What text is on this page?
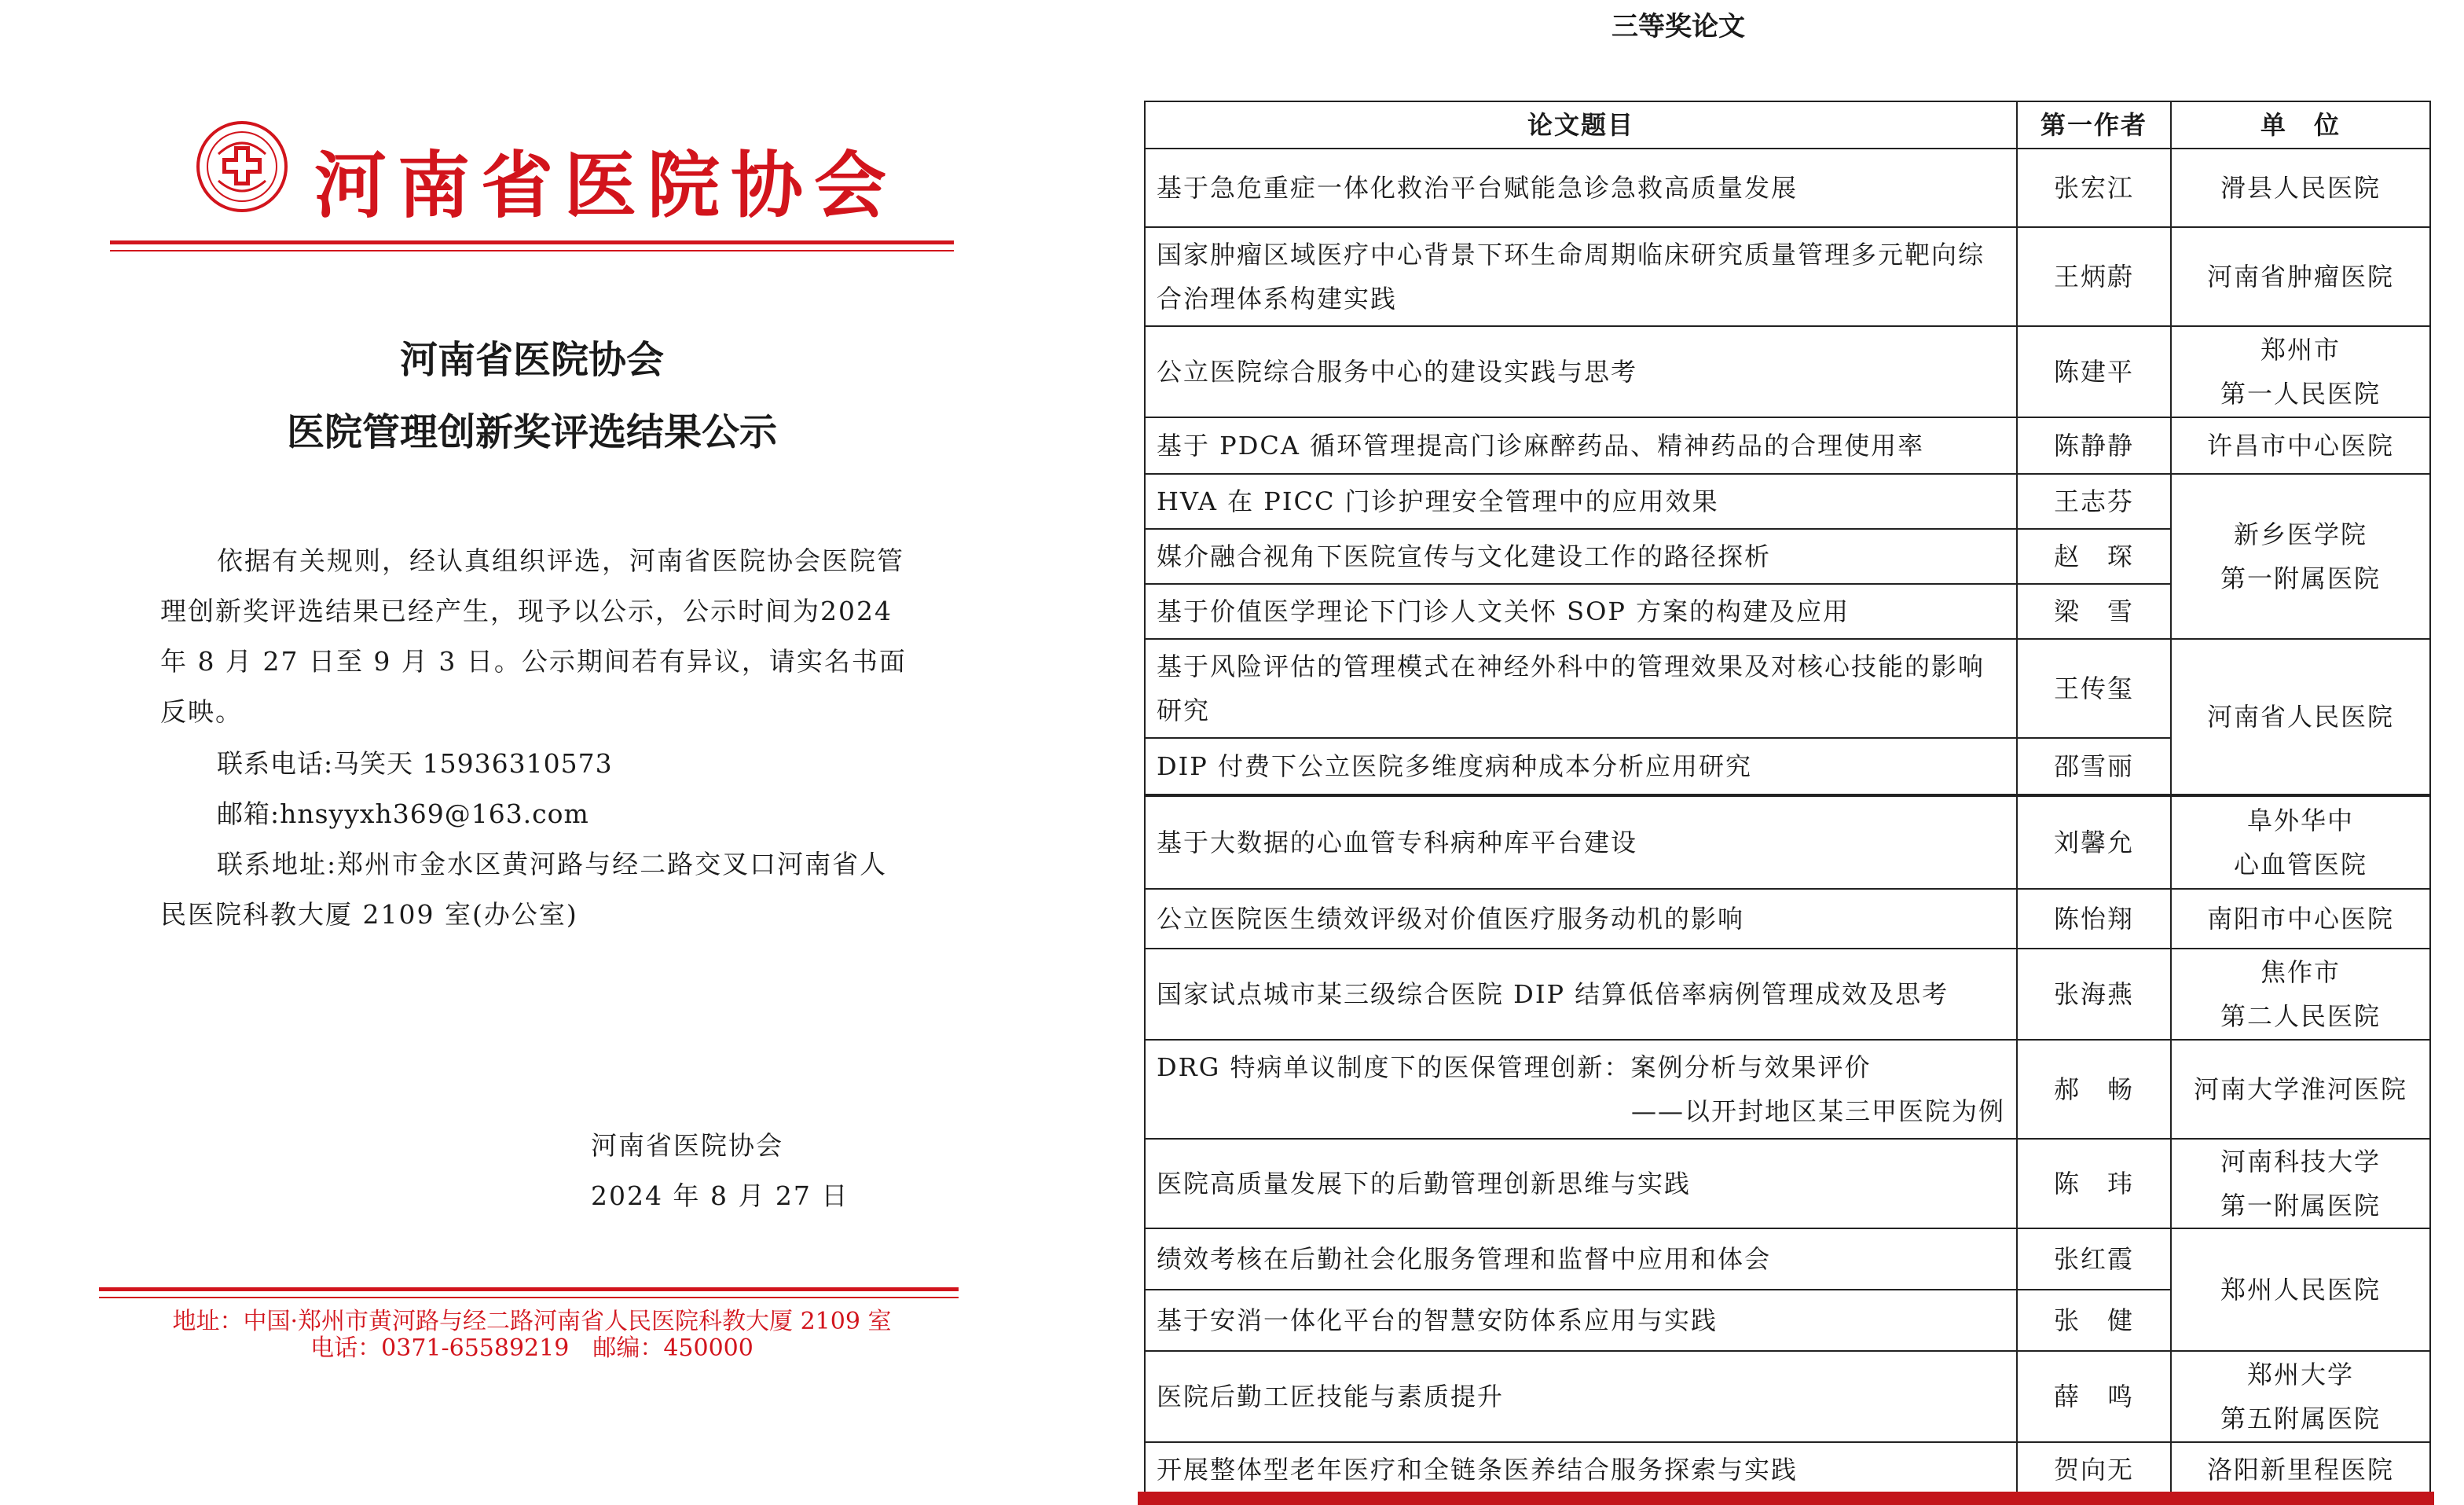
河南省医院协会
河南省医院协会
医院管理创新奖评选结果公示

依据有关规则，经认真组织评选，河南省医院协会医院管理创新奖评选结果已经产生，现予以公示，公示时间为2024 年 8 月 27 日至 9 月 3 日。公示期间若有异议，请实名书面反映。

联系电话:马笑天 15936310573
邮箱:hnsyyxh369@163.com

联系地址:郑州市金水区黄河路与经二路交叉口河南省人民医院科教大厦 2109 室(办公室)

河南省医院协会
2024 年 8 月 27 日
地址：中国·郑州市黄河路与经二路河南省人民医院科教大厦 2109 室
电话：0371-65589219　邮编：450000
三等奖论文
论文题目	第一作者	单　位
基于急危重症一体化救治平台赋能急诊急救高质量发展	张宏江	滑县人民医院
国家肿瘤区域医疗中心背景下环生命周期临床研究质量管理多元靶向综合治理体系构建实践	王炳蔚	河南省肿瘤医院
公立医院综合服务中心的建设实践与思考	陈建平	郑州市
第一人民医院
基于 PDCA 循环管理提高门诊麻醉药品、精神药品的合理使用率	陈静静	许昌市中心医院
HVA 在 PICC 门诊护理安全管理中的应用效果	王志芬	新乡医学院
第一附属医院
媒介融合视角下医院宣传与文化建设工作的路径探析	赵　琛	
基于价值医学理论下门诊人文关怀 SOP 方案的构建及应用	梁　雪	
基于风险评估的管理模式在神经外科中的管理效果及对核心技能的影响研究	王传玺	河南省人民医院
DIP 付费下公立医院多维度病种成本分析应用研究	邵雪丽	
基于大数据的心血管专科病种库平台建设	刘馨允	阜外华中
心血管医院
公立医院医生绩效评级对价值医疗服务动机的影响	陈怡翔	南阳市中心医院
国家试点城市某三级综合医院 DIP 结算低倍率病例管理成效及思考	张海燕	焦作市
第二人民医院
DRG 特病单议制度下的医保管理创新：案例分析与效果评价
——以开封地区某三甲医院为例	郝　畅	河南大学淮河医院
医院高质量发展下的后勤管理创新思维与实践	陈　玮	河南科技大学
第一附属医院
绩效考核在后勤社会化服务管理和监督中应用和体会	张红霞	郑州人民医院
基于安消一体化平台的智慧安防体系应用与实践	张　健	
医院后勤工匠技能与素质提升	薛　鸣	郑州大学
第五附属医院
开展整体型老年医疗和全链条医养结合服务探索与实践	贺向无	洛阳新里程医院
